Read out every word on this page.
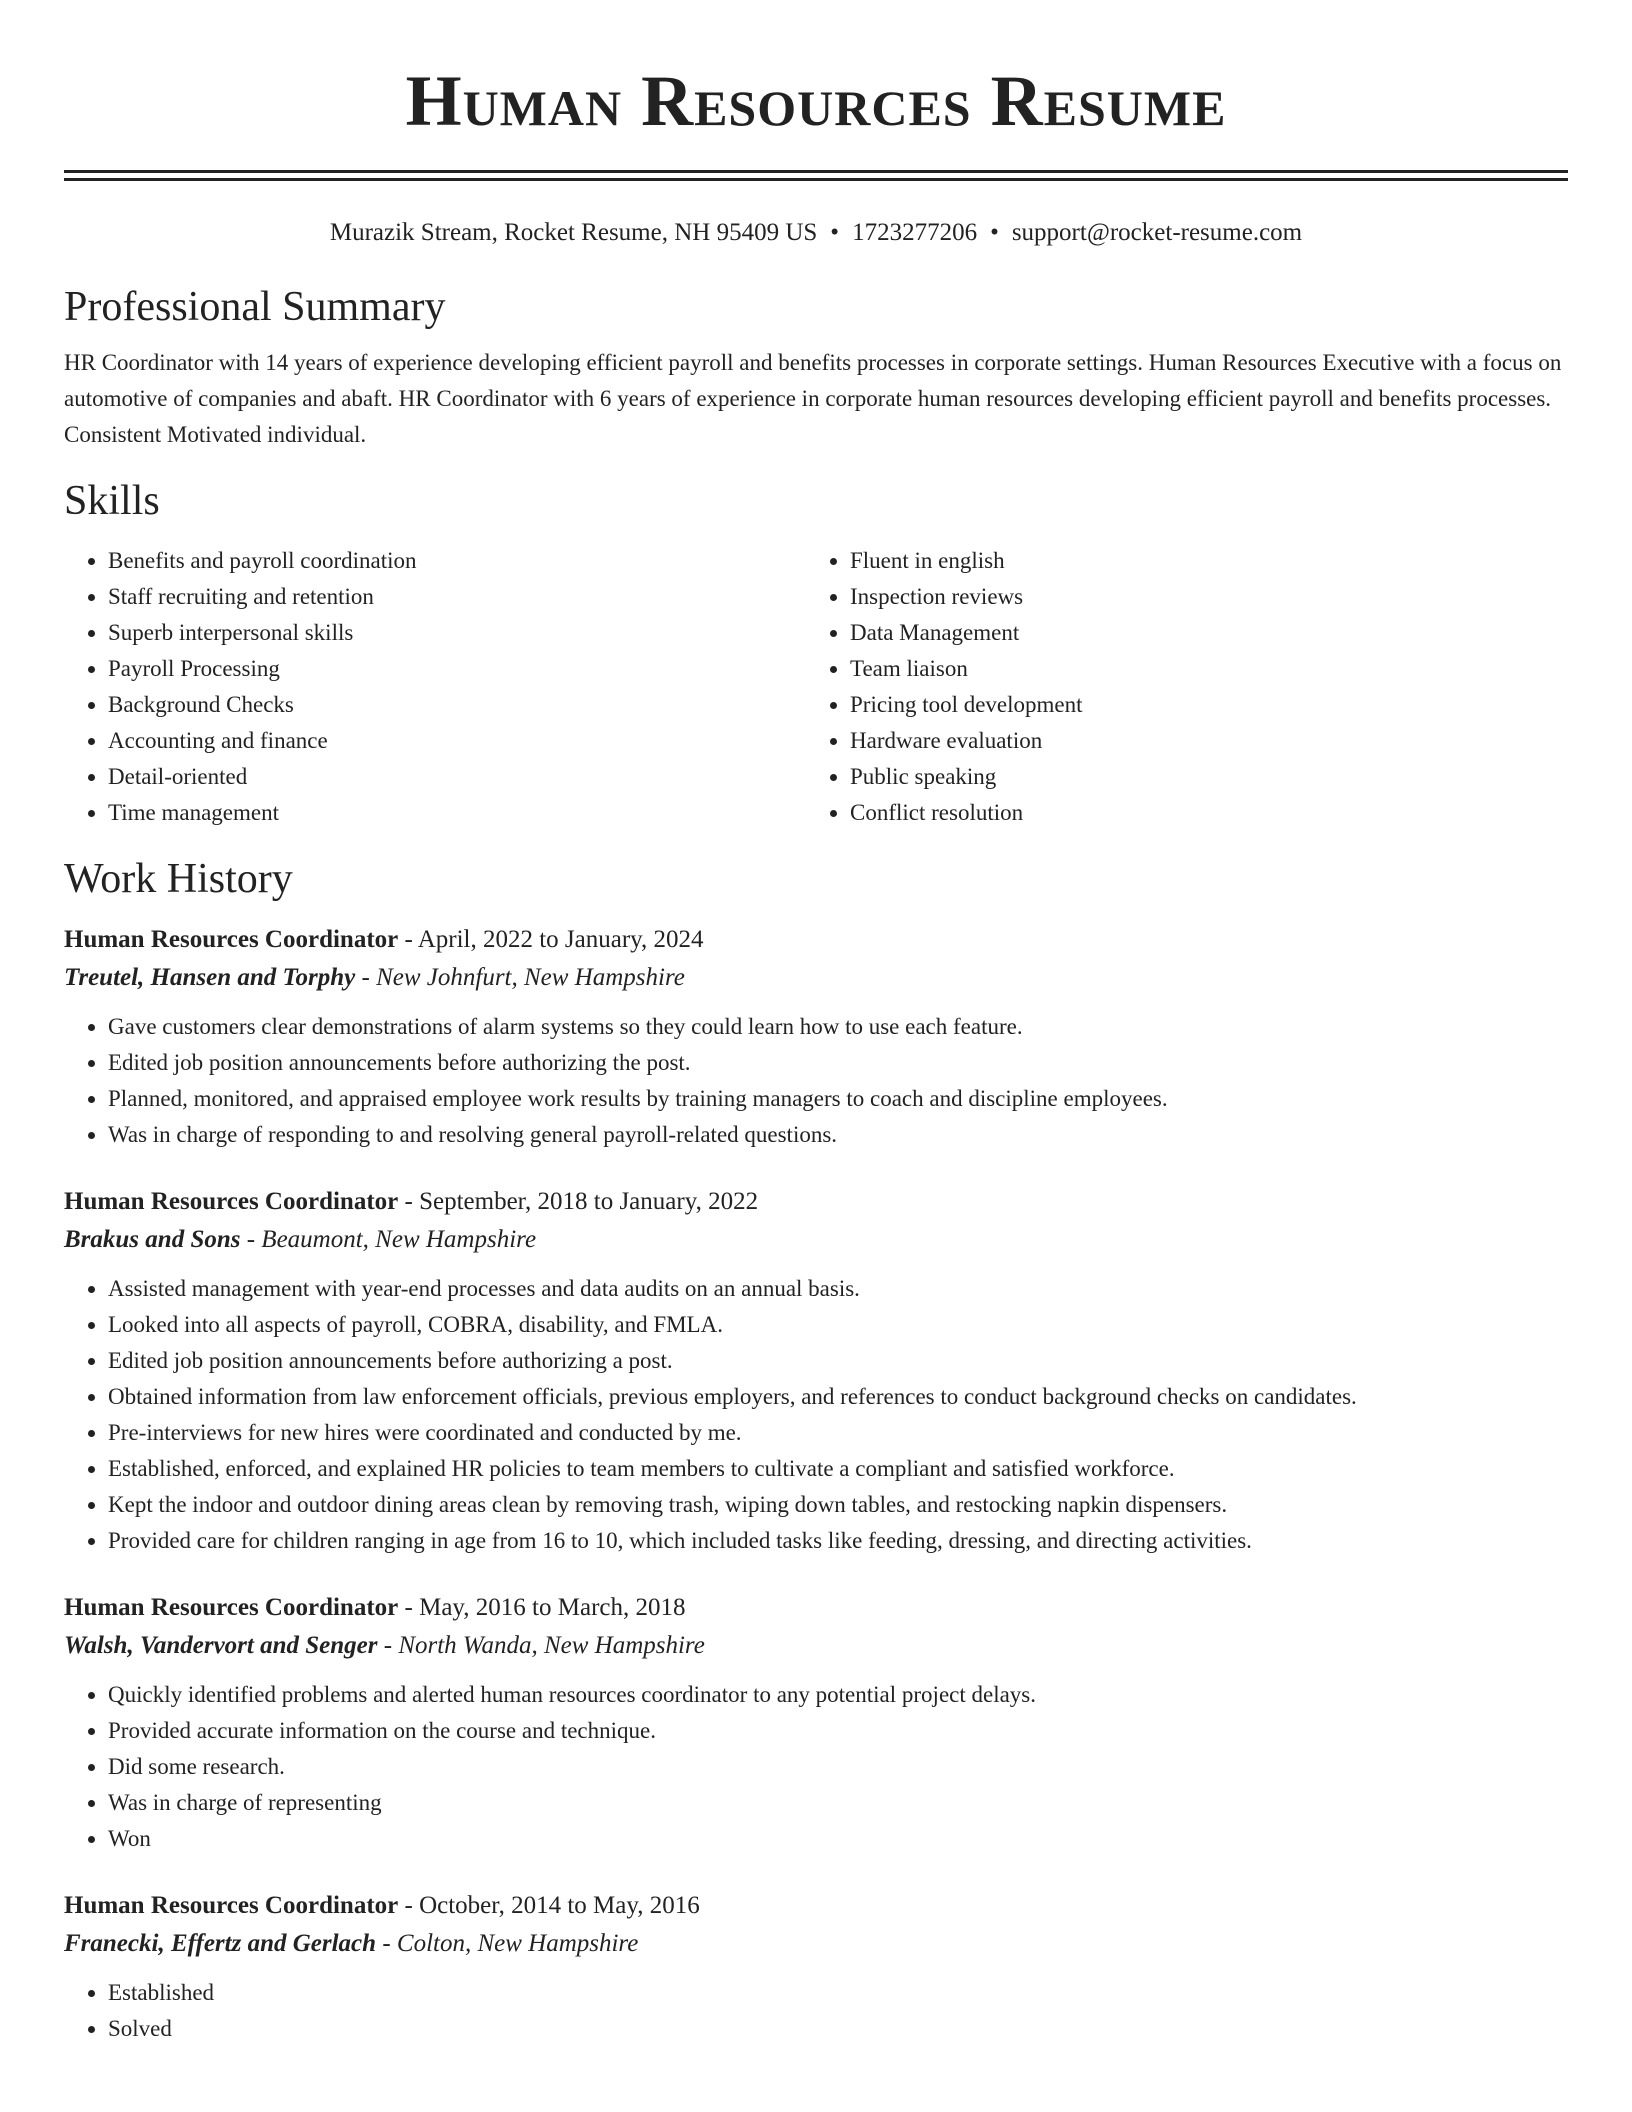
Human Resources Resume
Murazik Stream, Rocket Resume, NH 95409 US • 1723277206 • support@rocket-resume.com
Professional Summary

HR Coordinator with 14 years of experience developing efficient payroll and benefits processes in corporate settings. Human Resources Executive with a focus on automotive of companies and abaft. HR Coordinator with 6 years of experience in corporate human resources developing efficient payroll and benefits processes. Consistent Motivated individual.

Skills
• Benefits and payroll coordination
• Staff recruiting and retention
• Superb interpersonal skills
• Payroll Processing
• Background Checks
• Accounting and finance
• Detail-oriented
• Time management
• Fluent in english
• Inspection reviews
• Data Management
• Team liaison
• Pricing tool development
• Hardware evaluation
• Public speaking
• Conflict resolution
Work History
Human Resources Coordinator - April, 2022 to January, 2024
Treutel, Hansen and Torphy - New Johnfurt, New Hampshire
• Gave customers clear demonstrations of alarm systems so they could learn how to use each feature.
• Edited job position announcements before authorizing the post.
• Planned, monitored, and appraised employee work results by training managers to coach and discipline employees.
• Was in charge of responding to and resolving general payroll-related questions.
Human Resources Coordinator - September, 2018 to January, 2022
Brakus and Sons - Beaumont, New Hampshire
• Assisted management with year-end processes and data audits on an annual basis.
• Looked into all aspects of payroll, COBRA, disability, and FMLA.
• Edited job position announcements before authorizing a post.
• Obtained information from law enforcement officials, previous employers, and references to conduct background checks on candidates.
• Pre-interviews for new hires were coordinated and conducted by me.
• Established, enforced, and explained HR policies to team members to cultivate a compliant and satisfied workforce.
• Kept the indoor and outdoor dining areas clean by removing trash, wiping down tables, and restocking napkin dispensers.
• Provided care for children ranging in age from 16 to 10, which included tasks like feeding, dressing, and directing activities.
Human Resources Coordinator - May, 2016 to March, 2018
Walsh, Vandervort and Senger - North Wanda, New Hampshire
• Quickly identified problems and alerted human resources coordinator to any potential project delays.
• Provided accurate information on the course and technique.
• Did some research.
• Was in charge of representing
• Won
Human Resources Coordinator - October, 2014 to May, 2016
Franecki, Effertz and Gerlach - Colton, New Hampshire
• Established
• Solved
